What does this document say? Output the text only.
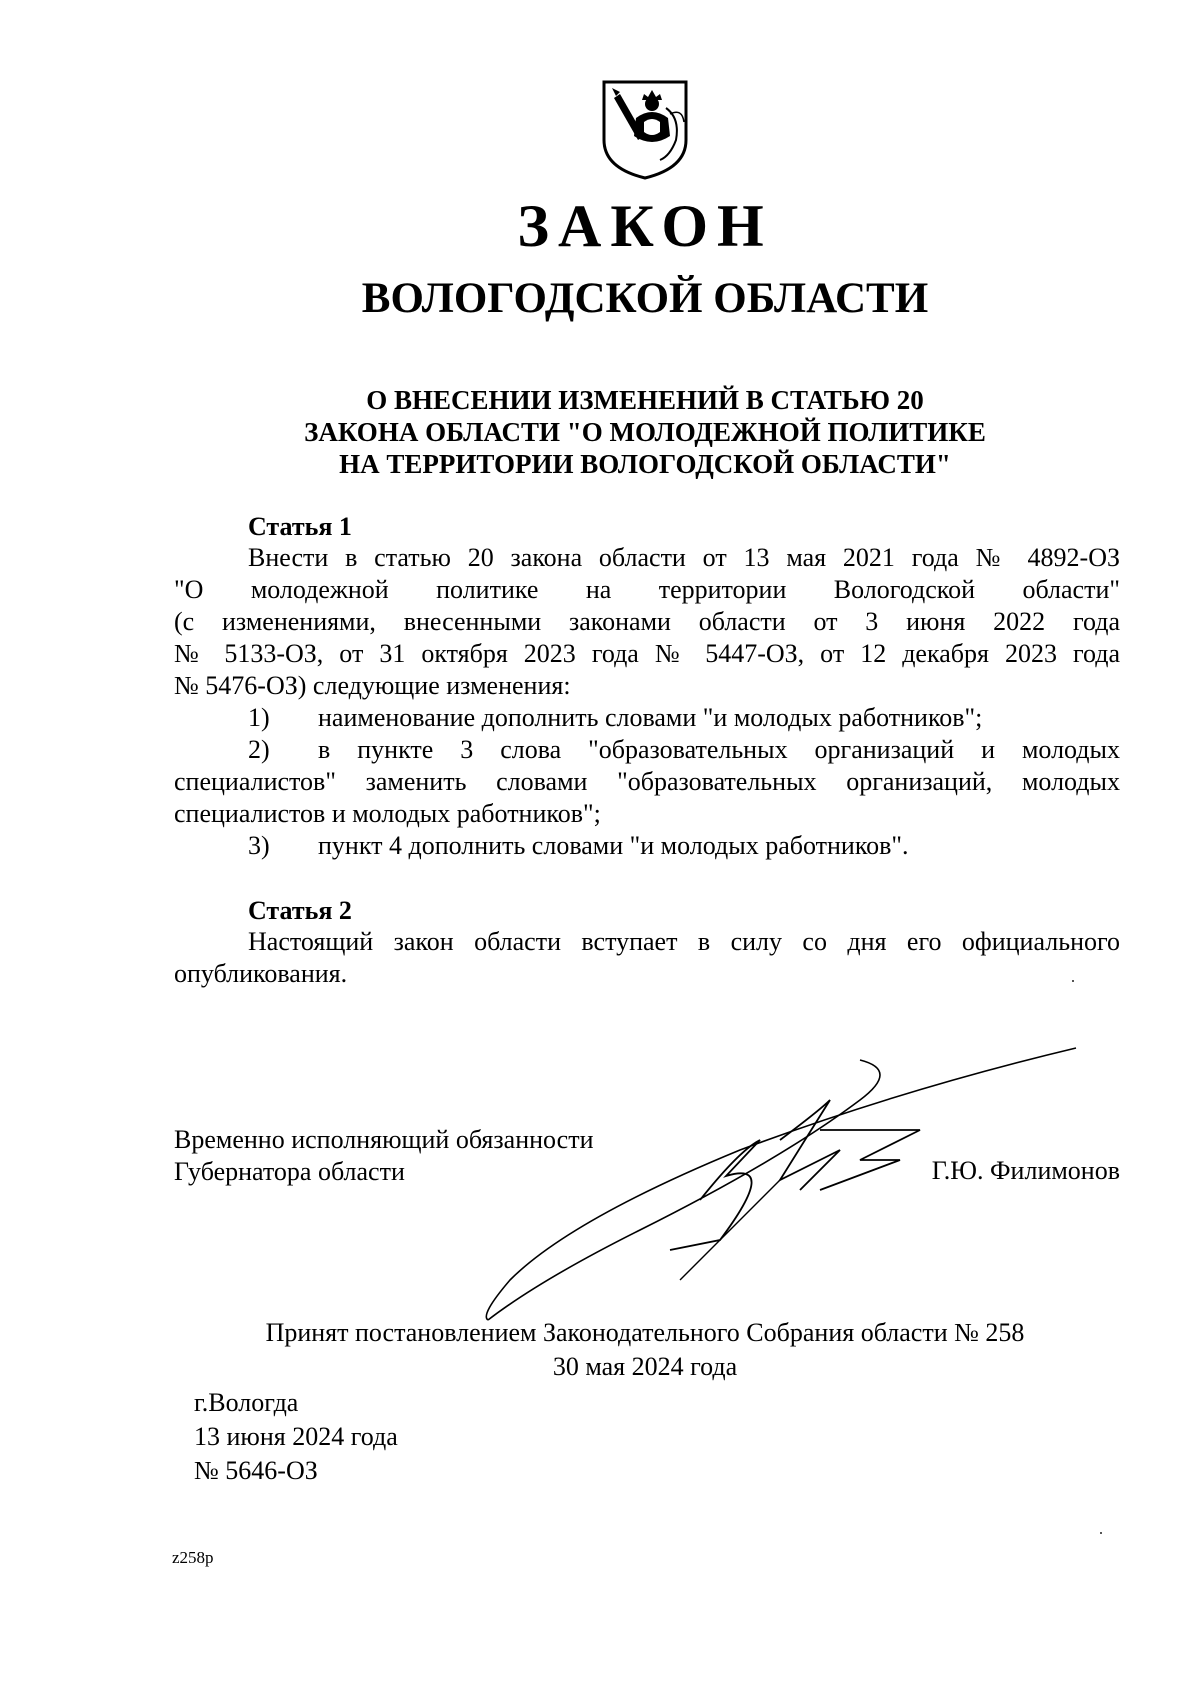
ЗАКОН
ВОЛОГОДСКОЙ ОБЛАСТИ
О ВНЕСЕНИИ ИЗМЕНЕНИЙ В СТАТЬЮ 20
ЗАКОНА ОБЛАСТИ "О МОЛОДЕЖНОЙ ПОЛИТИКЕ
НА ТЕРРИТОРИИ ВОЛОГОДСКОЙ ОБЛАСТИ"
Статья 1
Внести в статью 20 закона области от 13 мая 2021 года № 4892-ОЗ
"О молодежной политике на территории Вологодской области"
(с изменениями, внесенными законами области от 3 июня 2022 года
№ 5133-ОЗ, от 31 октября 2023 года № 5447-ОЗ, от 12 декабря 2023 года
№ 5476-ОЗ) следующие изменения:
1) наименование дополнить словами "и молодых работников";
2) в пункте 3 слова "образовательных организаций и молодых
специалистов" заменить словами "образовательных организаций, молодых
специалистов и молодых работников";
3) пункт 4 дополнить словами "и молодых работников".
Статья 2
Настоящий закон области вступает в силу со дня его официального
опубликования.
Временно исполняющий обязанности
Губернатора области	Г.Ю. Филимонов
Принят постановлением Законодательного Собрания области № 258
30 мая 2024 года
г.Вологда
13 июня 2024 года
№ 5646-ОЗ
z258p
